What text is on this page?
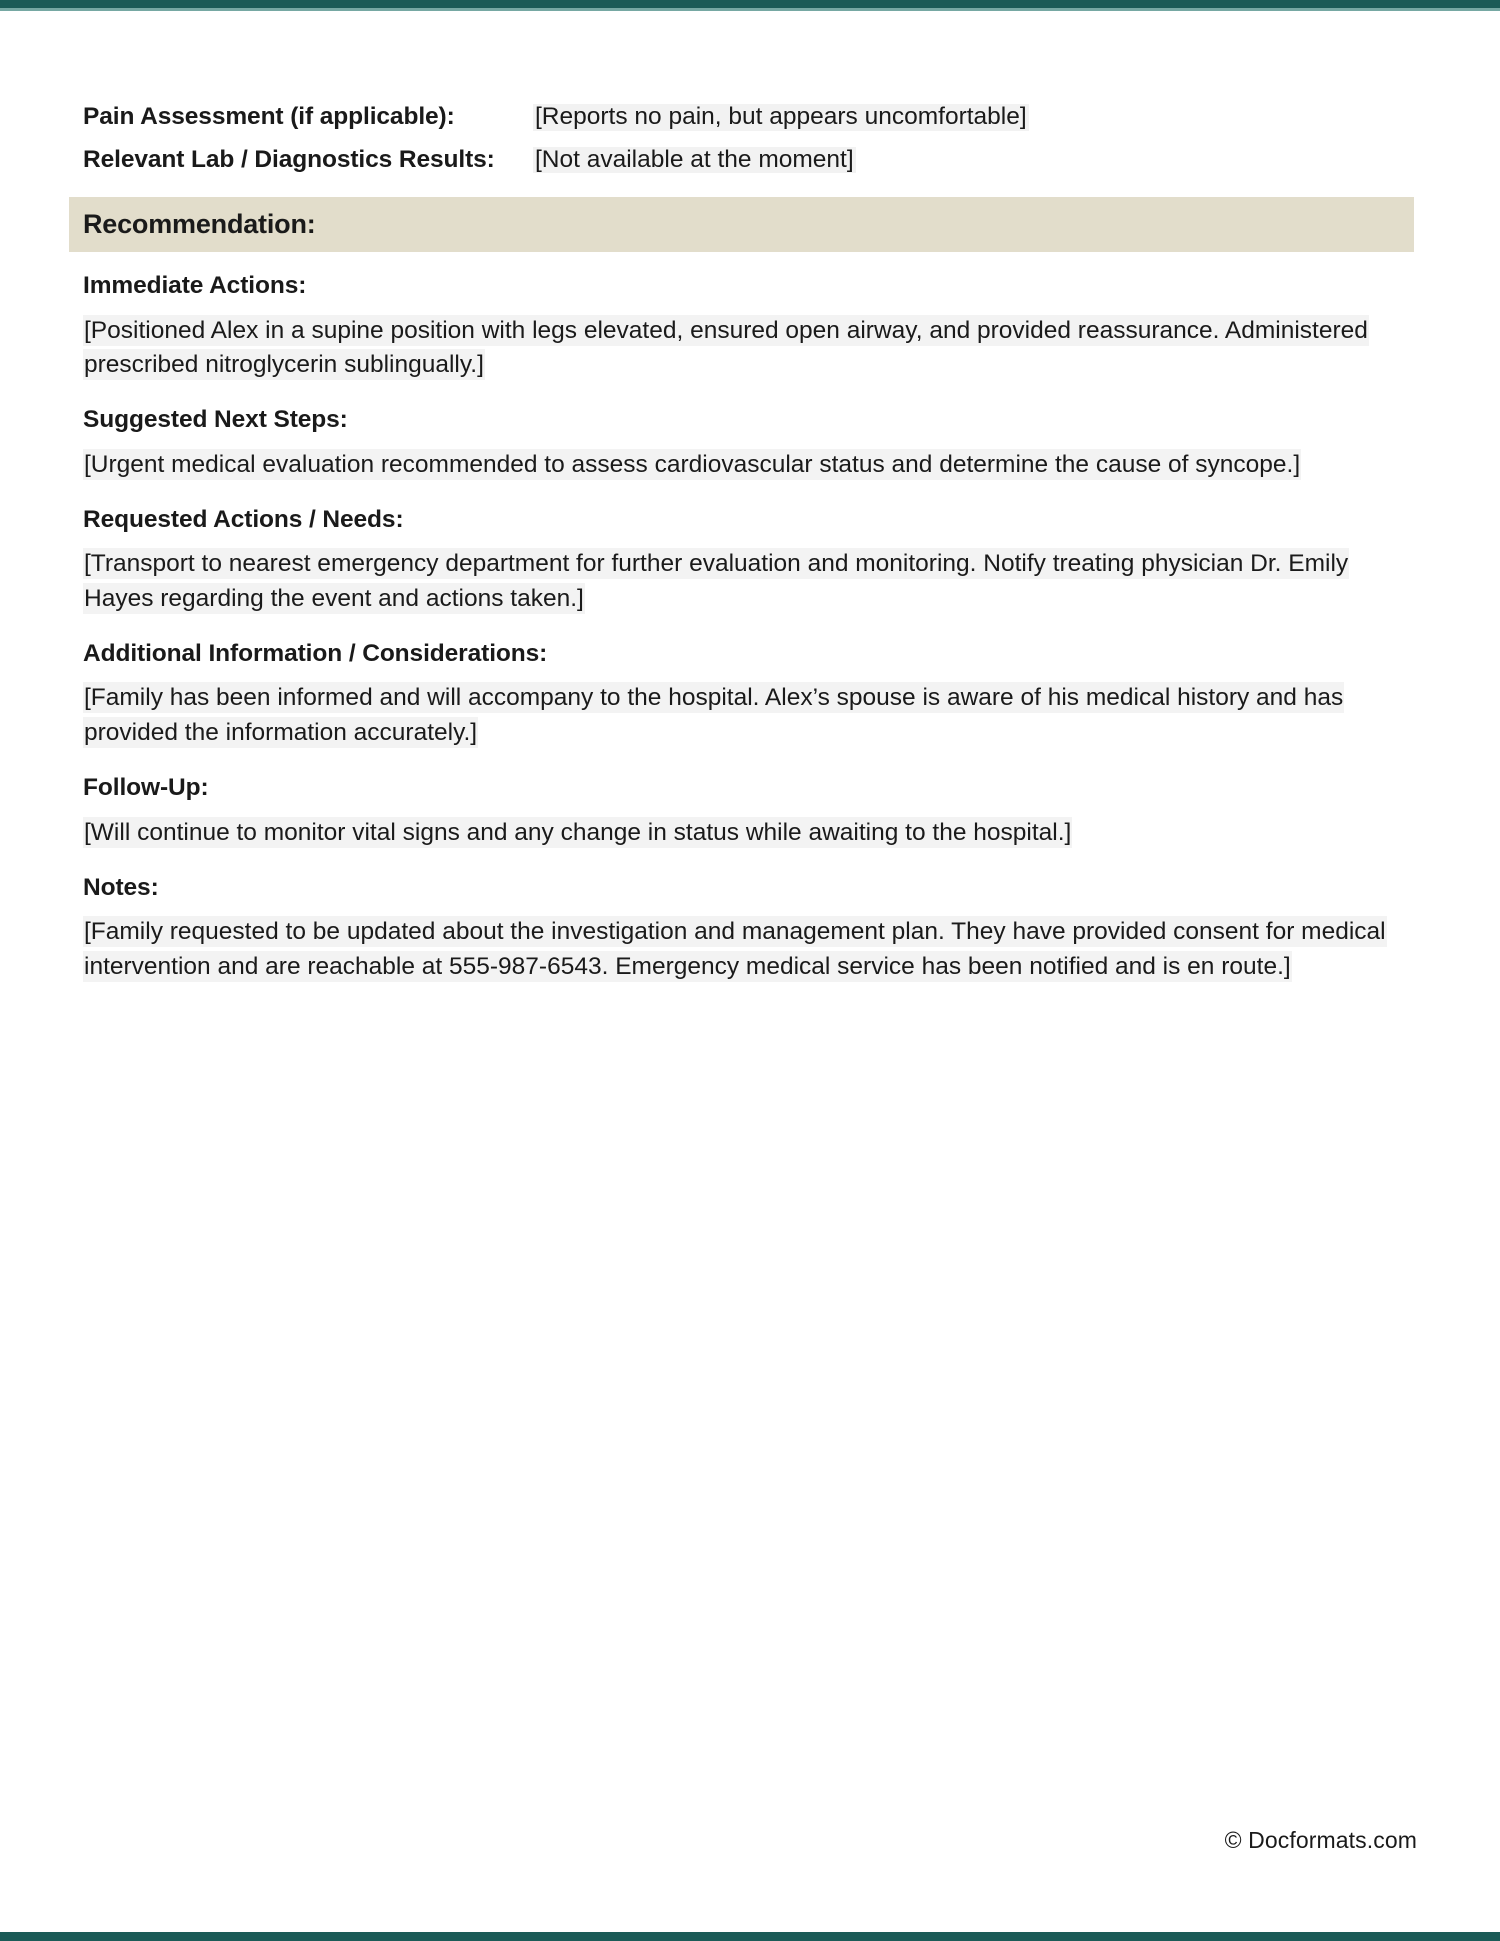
Pain Assessment (if applicable):	[Reports no pain, but appears uncomfortable]
Relevant Lab / Diagnostics Results:	[Not available at the moment]
Recommendation:
Immediate Actions:

[Positioned Alex in a supine position with legs elevated, ensured open airway, and provided reassurance. Administered prescribed nitroglycerin sublingually.]

Suggested Next Steps:

[Urgent medical evaluation recommended to assess cardiovascular status and determine the cause of syncope.]

Requested Actions / Needs:

[Transport to nearest emergency department for further evaluation and monitoring. Notify treating physician Dr. Emily Hayes regarding the event and actions taken.]

Additional Information / Considerations:

[Family has been informed and will accompany to the hospital. Alex’s spouse is aware of his medical history and has provided the information accurately.]

Follow-Up:

[Will continue to monitor vital signs and any change in status while awaiting to the hospital.]

Notes:

[Family requested to be updated about the investigation and management plan. They have provided consent for medical intervention and are reachable at 555-987-6543. Emergency medical service has been notified and is en route.]

© Docformats.com
